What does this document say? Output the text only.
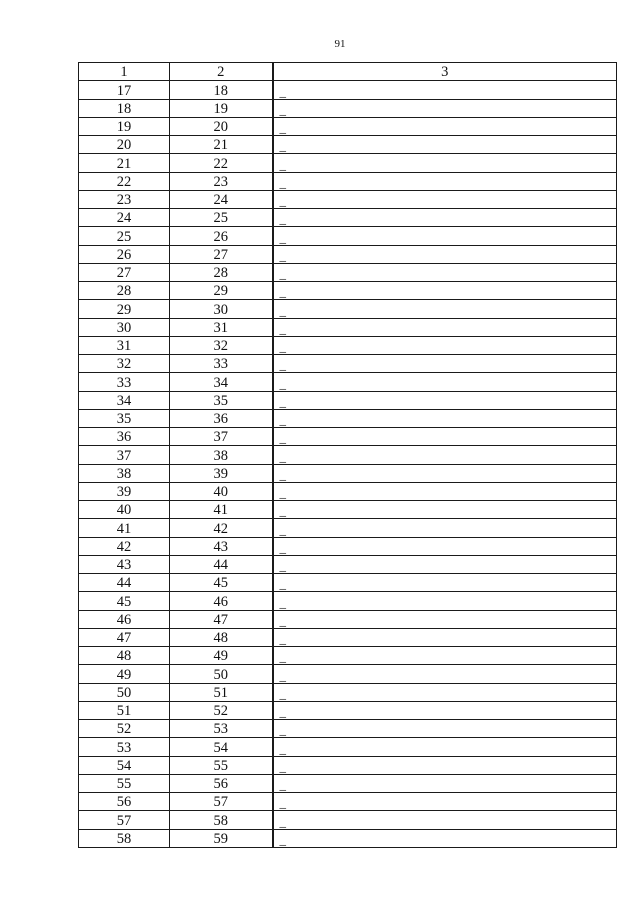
91
1	2	3
17	18	_
18	19	_
19	20	_
20	21	_
21	22	_
22	23	_
23	24	_
24	25	_
25	26	_
26	27	_
27	28	_
28	29	_
29	30	_
30	31	_
31	32	_
32	33	_
33	34	_
34	35	_
35	36	_
36	37	_
37	38	_
38	39	_
39	40	_
40	41	_
41	42	_
42	43	_
43	44	_
44	45	_
45	46	_
46	47	_
47	48	_
48	49	_
49	50	_
50	51	_
51	52	_
52	53	_
53	54	_
54	55	_
55	56	_
56	57	_
57	58	_
58	59	_
